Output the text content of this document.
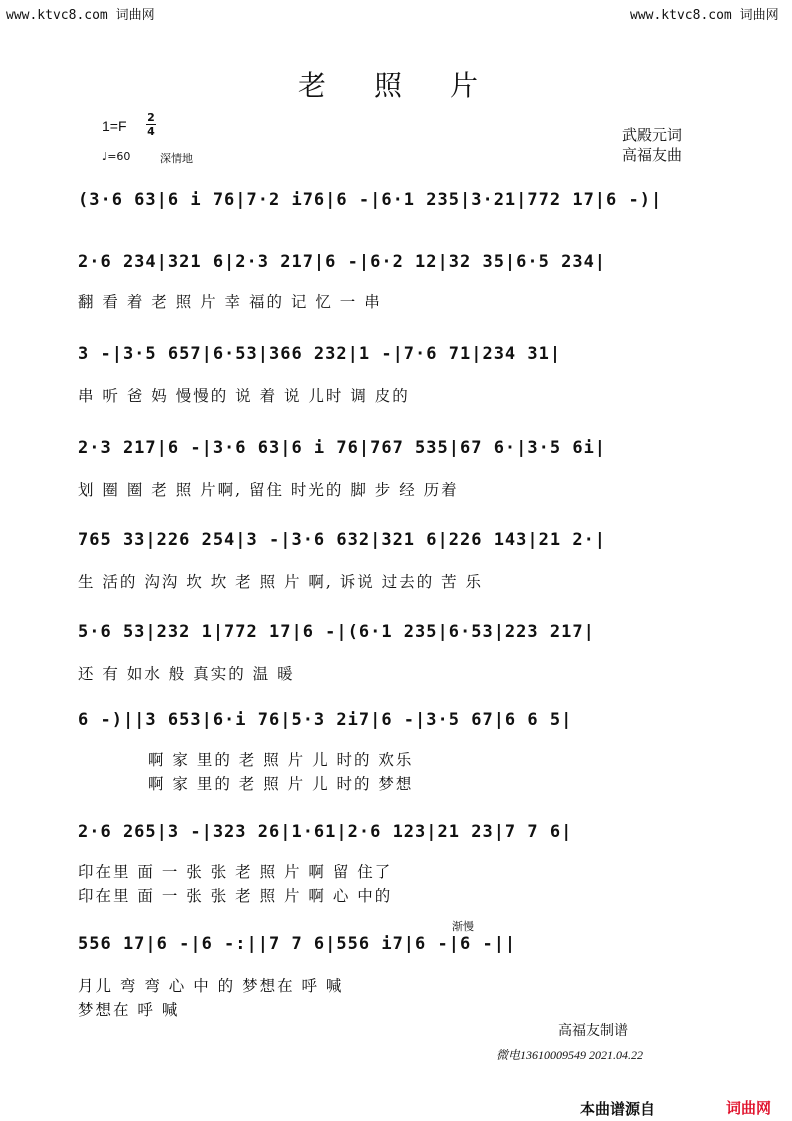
www.ktvc8.com 词曲网	www.ktvc8.com 词曲网
老照片
1=F
2
4
♩=60	深情地
武殿元词
高福友曲
(3·6 63|6 i 76|7·2 i76|6 -|6·1 235|3·21|772 17|6 -)|
2·6 234|321 6|2·3 217|6 -|6·2 12|32 35|6·5 234|
翻 看 着 老 照 片 幸 福的 记 忆 一 串
3 -|3·5 657|6·53|366 232|1 -|7·6 71|234 31|
串 听 爸 妈 慢慢的 说 着 说 儿时 调 皮的
2·3 217|6 -|3·6 63|6 i 76|767 535|67 6·|3·5 6i|
划 圈 圈 老 照 片啊, 留住 时光的 脚 步 经 历着
765 33|226 254|3 -|3·6 632|321 6|226 143|21 2·|
生 活的 沟沟 坎 坎 老 照 片 啊, 诉说 过去的 苦 乐
5·6 53|232 1|772 17|6 -|(6·1 235|6·53|223 217|
还 有 如水 般 真实的 温 暖
6 -)||3 653|6·i 76|5·3 2i7|6 -|3·5 67|6 6 5|
啊 家 里的 老 照 片 儿 时的 欢乐
啊 家 里的 老 照 片 儿 时的 梦想
2·6 265|3 -|323 26|1·61|2·6 123|21 23|7 7 6|
印在里 面 一 张 张 老 照 片 啊 留 住了
印在里 面 一 张 张 老 照 片 啊 心 中的
渐慢
556 17|6 -|6 -:||7 7 6|556 i7|6 -|6 -||
月儿 弯 弯 心 中 的 梦想在 呼 喊
梦想在 呼 喊
高福友制谱
微电13610009549 2021.04.22
本曲谱源自	词曲网
